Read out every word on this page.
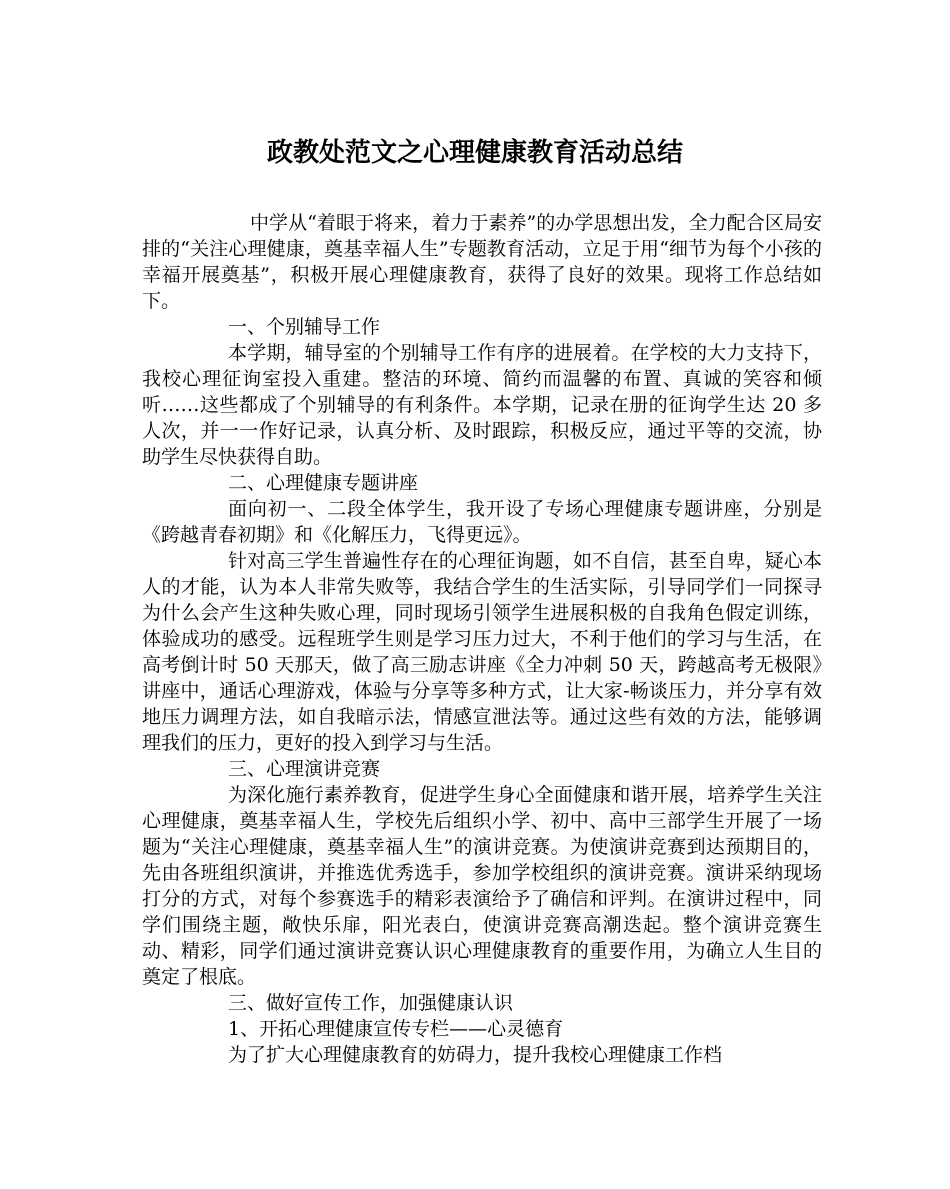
政教处范文之心理健康教育活动总结

中学从“着眼于将来，着力于素养”的办学思想出发，全力配合区局安排的“关注心理健康，奠基幸福人生”专题教育活动，立足于用“细节为每个小孩的幸福开展奠基”，积极开展心理健康教育，获得了良好的效果。现将工作总结如下。

一、个别辅导工作

本学期，辅导室的个别辅导工作有序的进展着。在学校的大力支持下，我校心理征询室投入重建。整洁的环境、简约而温馨的布置、真诚的笑容和倾听……这些都成了个别辅导的有利条件。本学期，记录在册的征询学生达 20 多人次，并一一作好记录，认真分析、及时跟踪，积极反应，通过平等的交流，协助学生尽快获得自助。

二、心理健康专题讲座

面向初一、二段全体学生，我开设了专场心理健康专题讲座，分别是《跨越青春初期》和《化解压力，飞得更远》。

针对高三学生普遍性存在的心理征询题，如不自信，甚至自卑，疑心本人的才能，认为本人非常失败等，我结合学生的生活实际，引导同学们一同探寻为什么会产生这种失败心理，同时现场引领学生进展积极的自我角色假定训练，体验成功的感受。远程班学生则是学习压力过大，不利于他们的学习与生活，在高考倒计时 50 天那天，做了高三励志讲座《全力冲刺 50 天，跨越高考无极限》讲座中，通话心理游戏，体验与分享等多种方式，让大家-畅谈压力，并分享有效地压力调理方法，如自我暗示法，情感宣泄法等。通过这些有效的方法，能够调理我们的压力，更好的投入到学习与生活。

三、心理演讲竞赛

为深化施行素养教育，促进学生身心全面健康和谐开展，培养学生关注心理健康，奠基幸福人生，学校先后组织小学、初中、高中三部学生开展了一场题为“关注心理健康，奠基幸福人生”的演讲竞赛。为使演讲竞赛到达预期目的，先由各班组织演讲，并推选优秀选手，参加学校组织的演讲竞赛。演讲采纳现场打分的方式，对每个参赛选手的精彩表演给予了确信和评判。在演讲过程中，同学们围绕主题，敞快乐扉，阳光表白，使演讲竞赛高潮迭起。整个演讲竞赛生动、精彩，同学们通过演讲竞赛认识心理健康教育的重要作用，为确立人生目的奠定了根底。

三、做好宣传工作，加强健康认识

1、开拓心理健康宣传专栏——心灵德育

为了扩大心理健康教育的妨碍力，提升我校心理健康工作档
